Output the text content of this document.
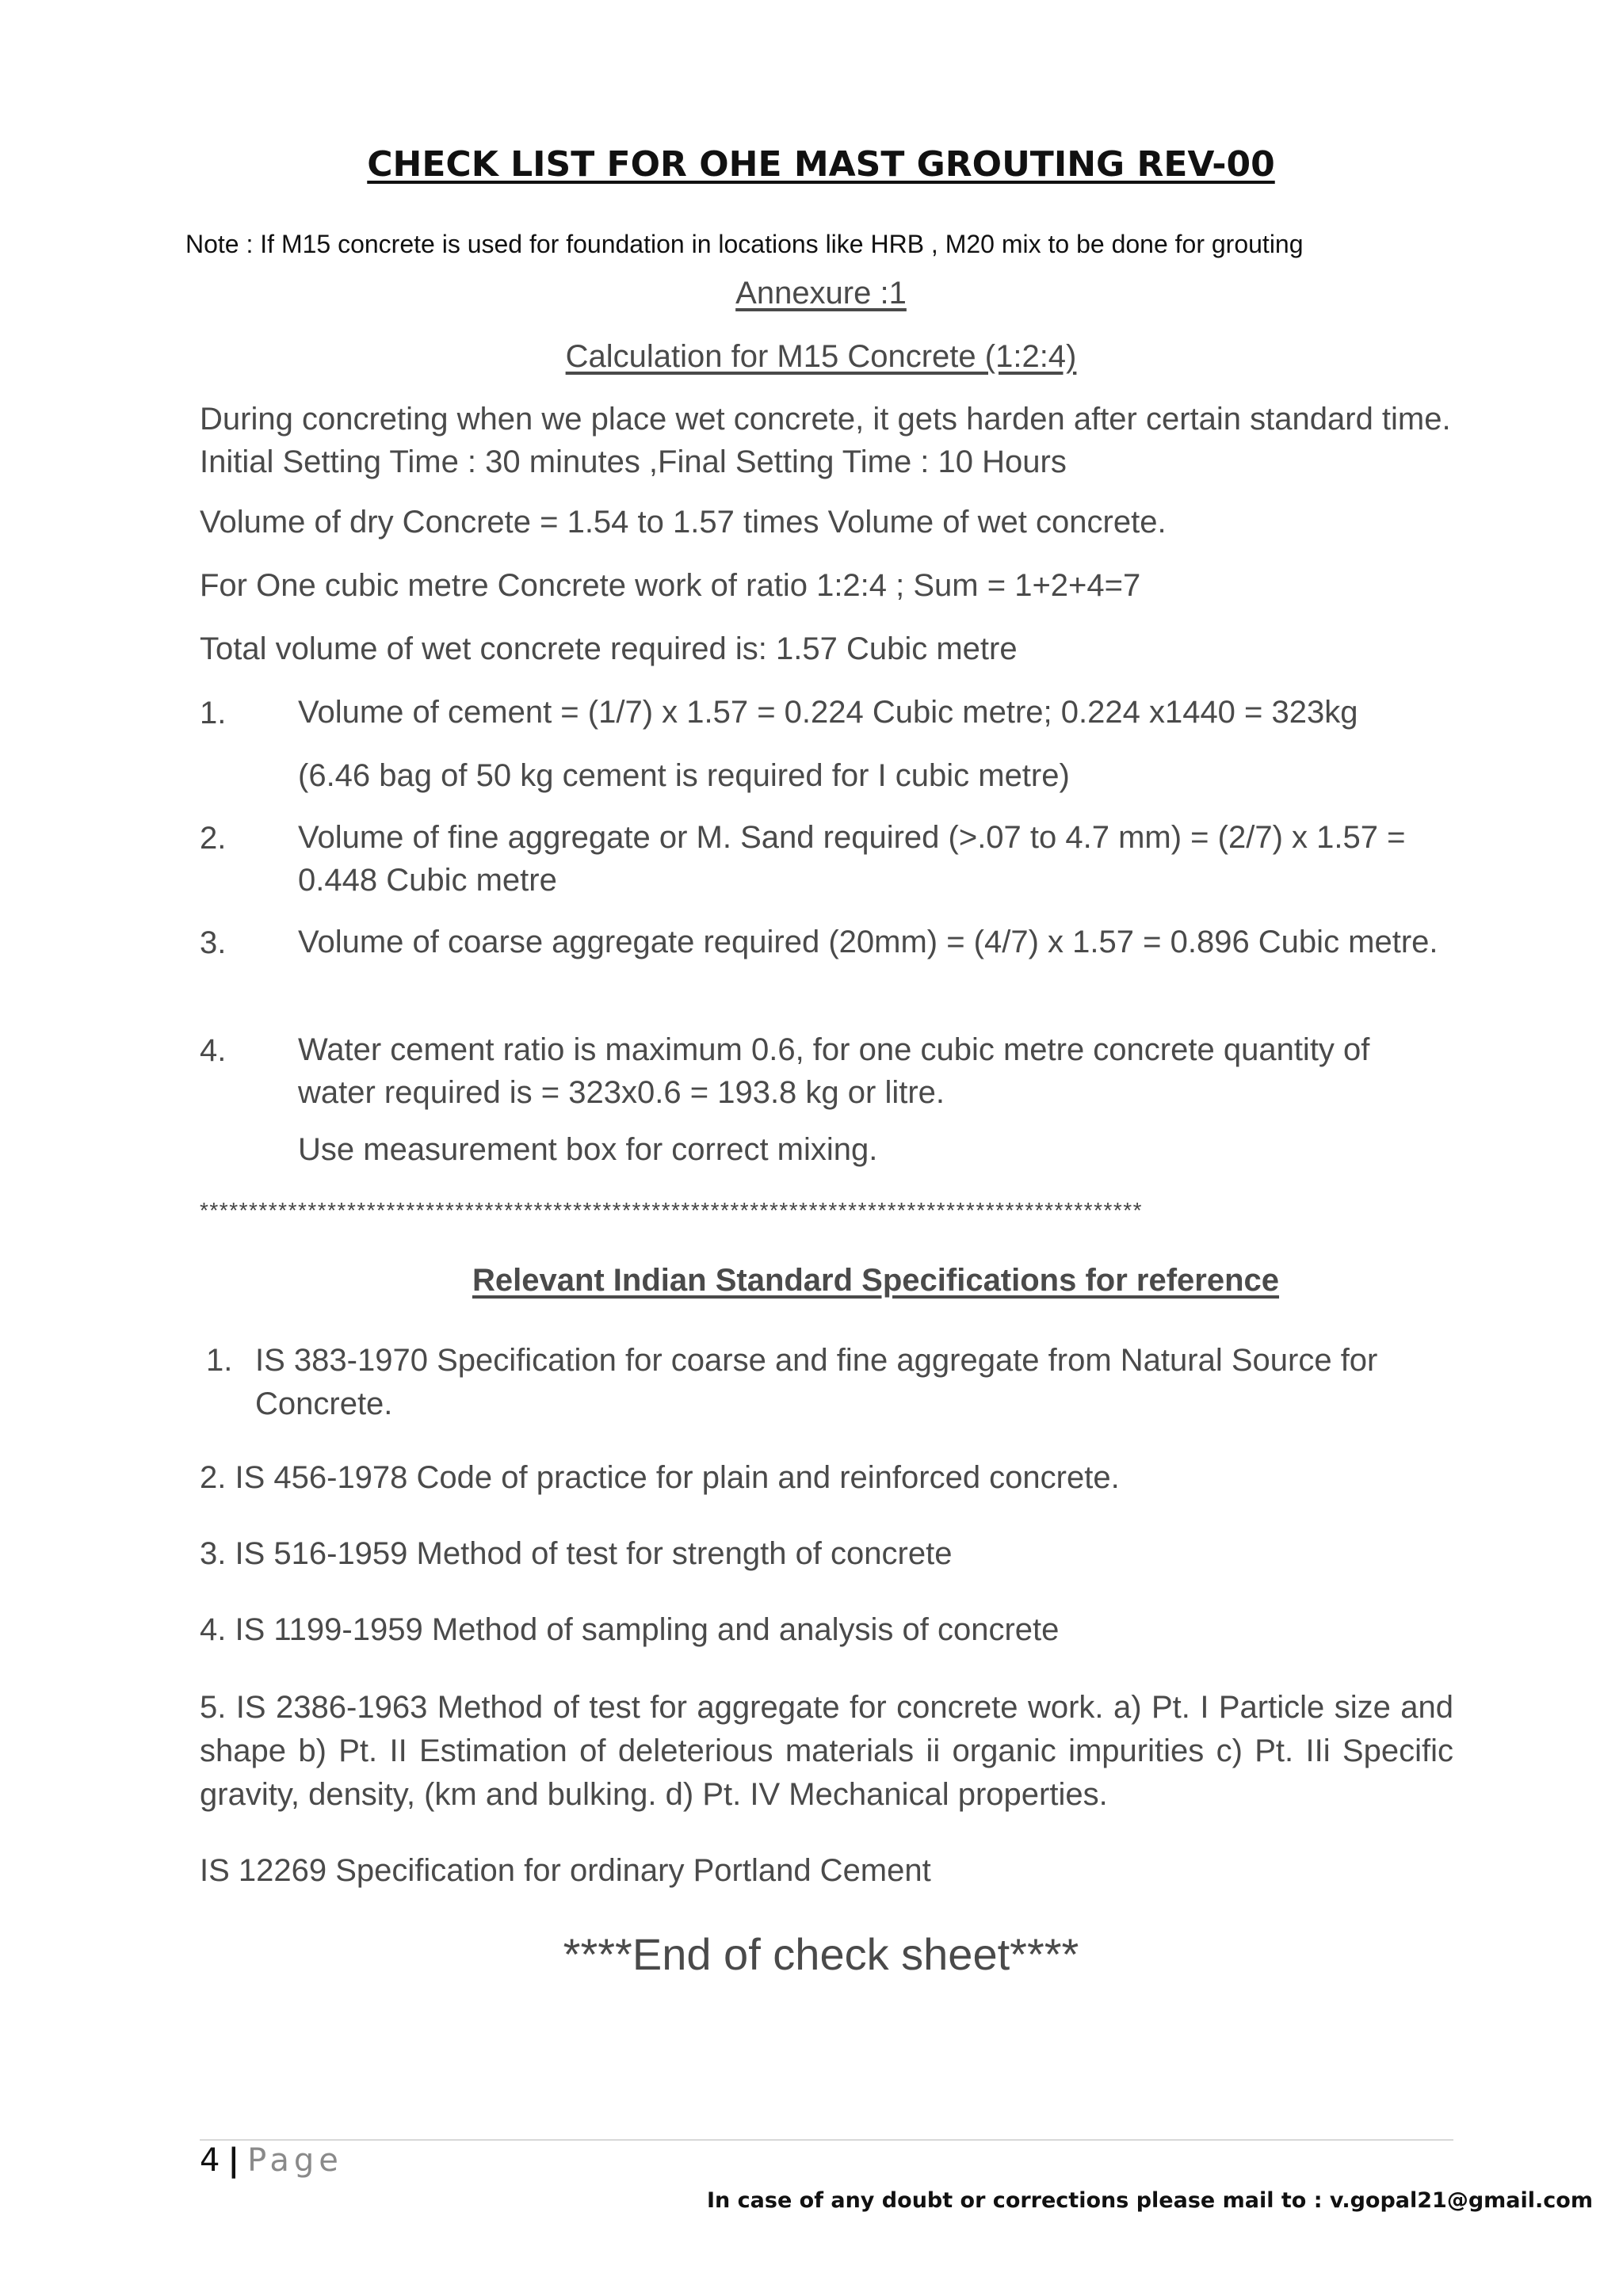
CHECK LIST FOR OHE MAST GROUTING REV-00
Note : If M15 concrete is used for foundation in locations like HRB , M20 mix to be done for grouting
Annexure :1
Calculation for M15 Concrete (1:2:4)
During concreting when we place wet concrete, it gets harden after certain standard time. Initial Setting Time : 30 minutes ,Final Setting Time : 10 Hours
Volume of dry Concrete = 1.54 to 1.57 times Volume of wet concrete.
For One cubic metre Concrete work of ratio 1:2:4 ; Sum = 1+2+4=7
Total volume of wet concrete required is: 1.57 Cubic metre
1. Volume of cement = (1/7) x 1.57 = 0.224 Cubic metre; 0.224 x1440 = 323kg
(6.46 bag of 50 kg cement is required for I cubic metre)
2. Volume of fine aggregate or M. Sand required (>.07 to 4.7 mm) = (2/7) x 1.57 = 0.448 Cubic metre
3. Volume of coarse aggregate required (20mm) = (4/7) x 1.57 = 0.896 Cubic metre.
4. Water cement ratio is maximum 0.6, for one cubic metre concrete quantity of water required is = 323x0.6 = 193.8 kg or litre.
Use measurement box for correct mixing.
************************************************************************************************
Relevant Indian Standard Specifications for reference
1. IS 383-1970 Specification for coarse and fine aggregate from Natural Source for Concrete.
2. IS 456-1978 Code of practice for plain and reinforced concrete.
3. IS 516-1959 Method of test for strength of concrete
4. IS 1199-1959 Method of sampling and analysis of concrete
5. IS 2386-1963 Method of test for aggregate for concrete work. a) Pt. I Particle size and shape b) Pt. II Estimation of deleterious materials ii organic impurities c) Pt. IIi Specific gravity, density, (km and bulking. d) Pt. IV Mechanical properties.
IS 12269 Specification for ordinary Portland Cement
****End of check sheet****
4 | Page
In case of any doubt or corrections please mail to : v.gopal21@gmail.com
